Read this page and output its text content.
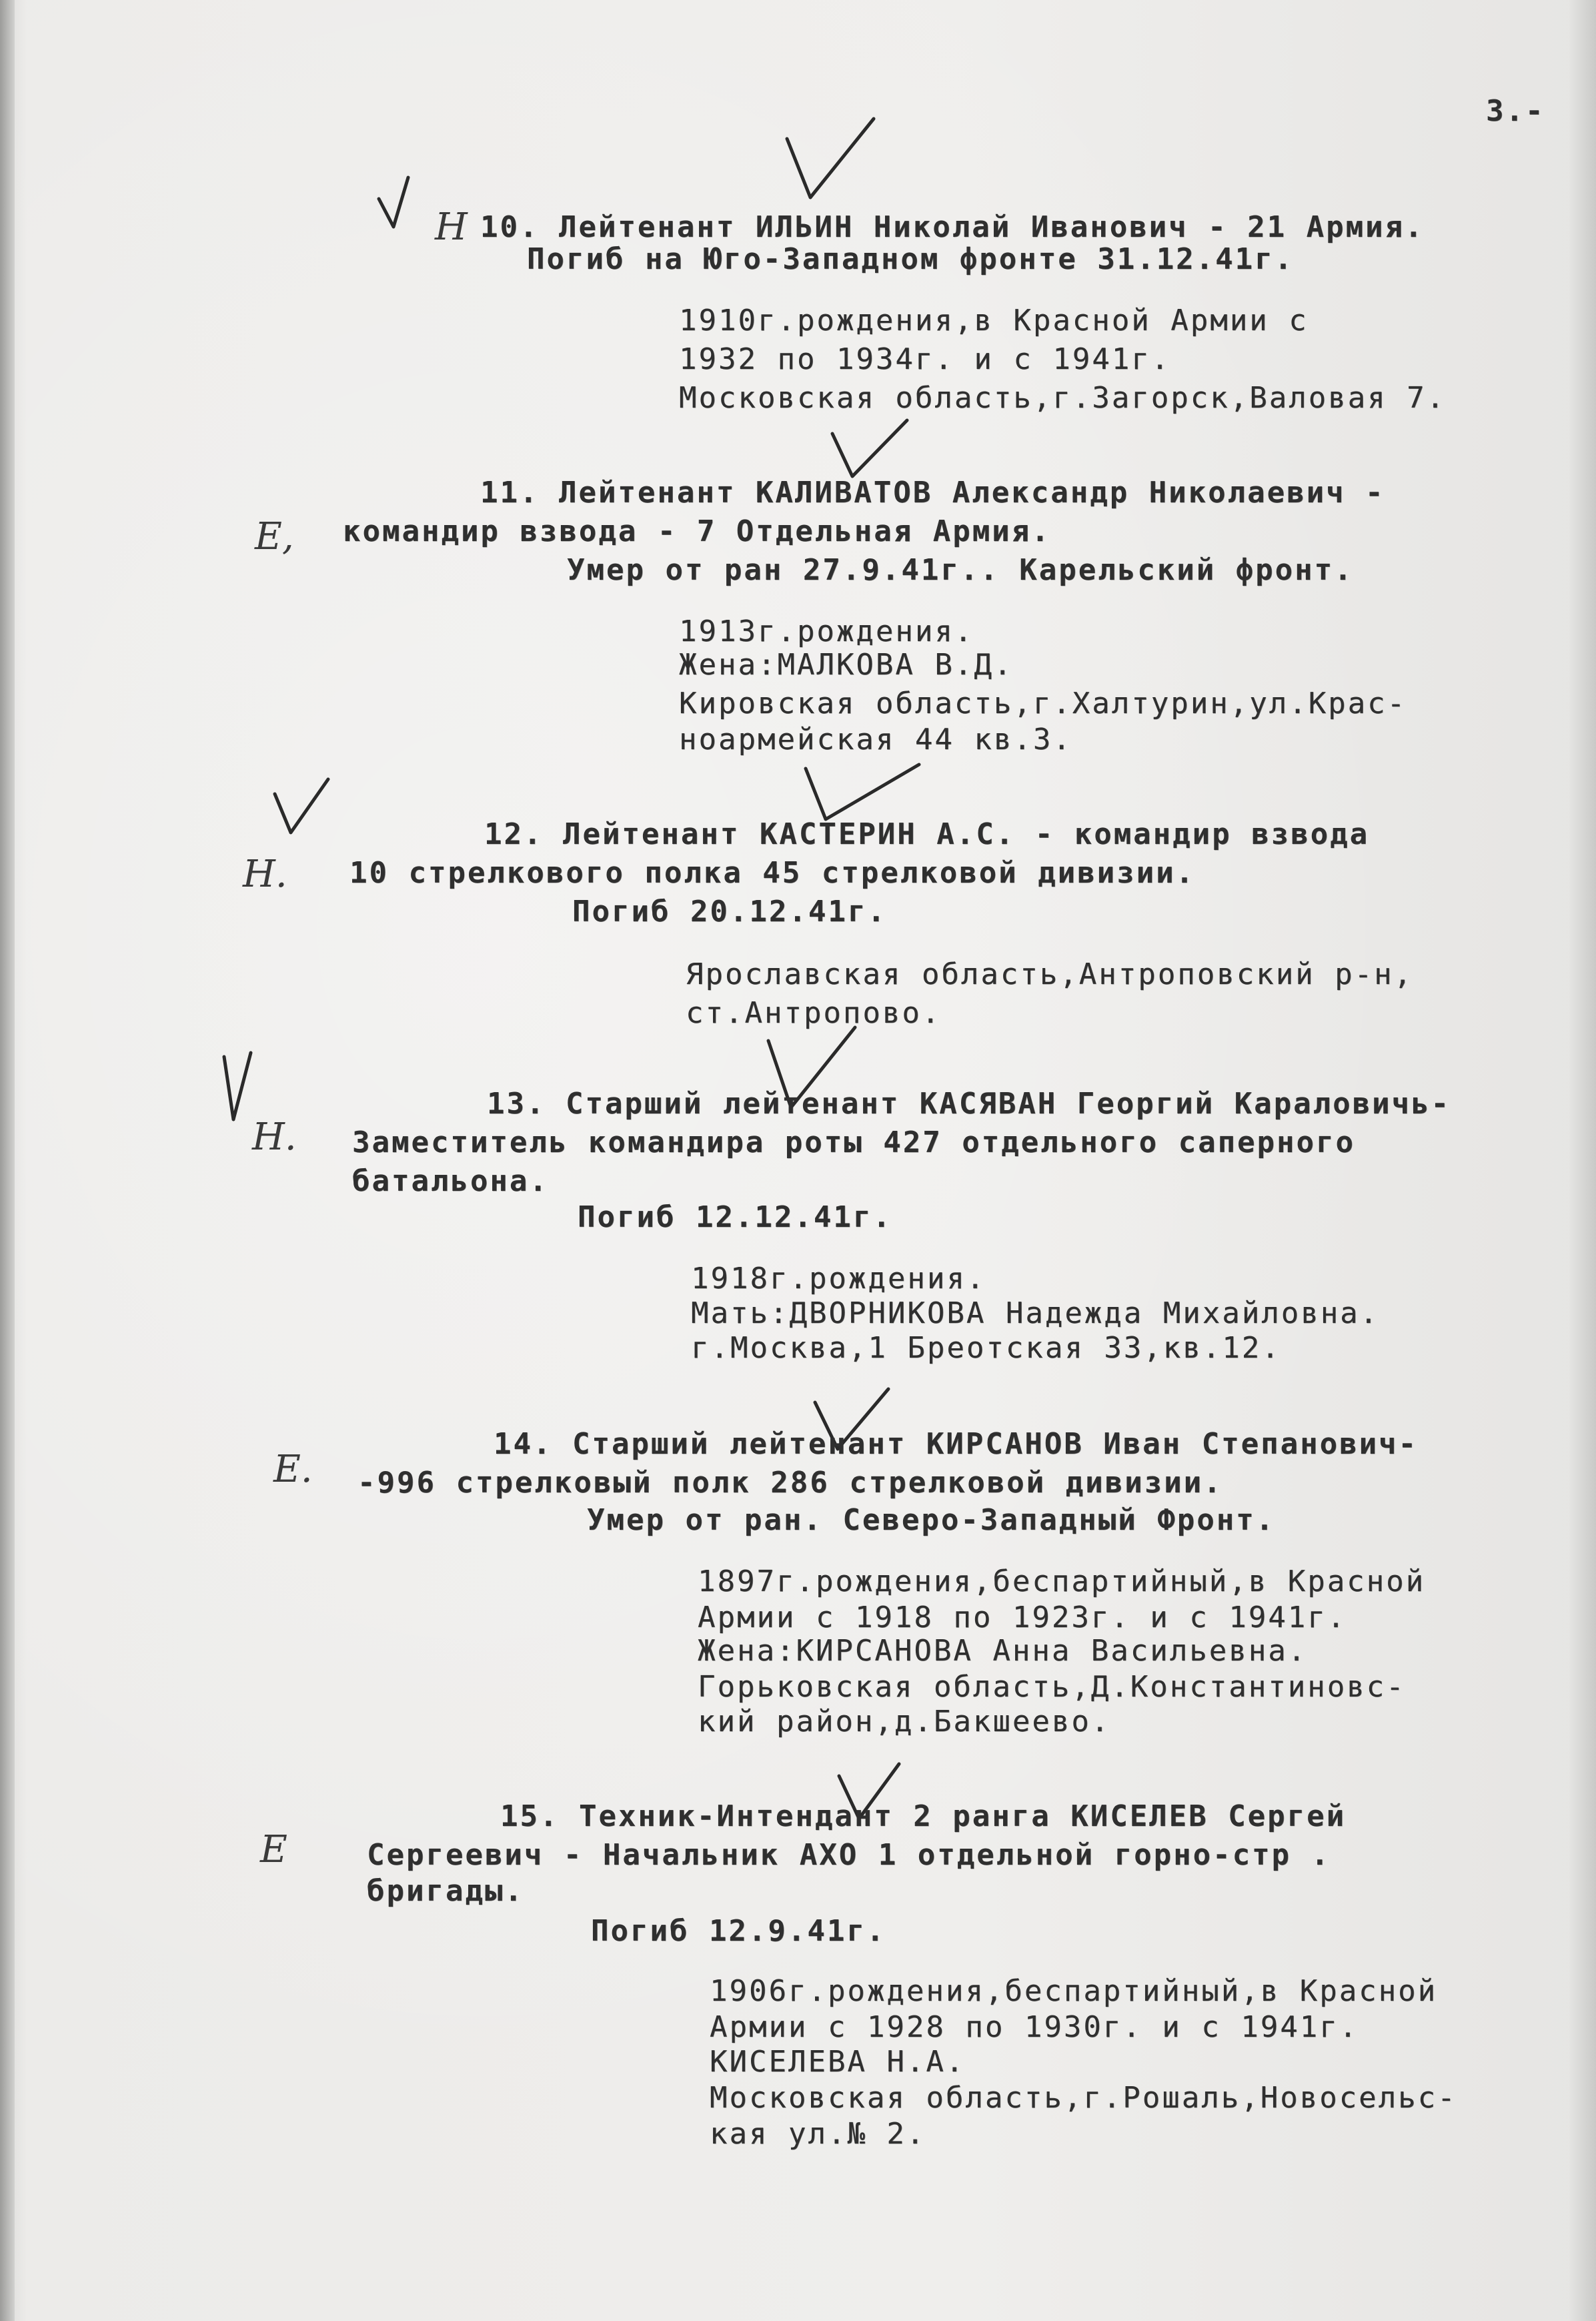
3.-

Н 10. Лейтенант ИЛЬИН Николай Иванович - 21 Армия.

Погиб на Юго-Западном фронте 31.12.41г.

1910г.рождения,в Красной Армии с

1932 по 1934г. и с 1941г.

Московская область,г.Загорск,Валовая 7.

Е,

11. Лейтенант КАЛИВАТОВ Александр Николаевич -

командир взвода - 7 Отдельная Армия.

Умер от ран 27.9.41г.. Карельский фронт.

1913г.рождения.

Жена:МАЛКОВА В.Д.

Кировская область,г.Халтурин,ул.Крас-

ноармейская 44 кв.3.

Н.

12. Лейтенант КАСТЕРИН А.С. - командир взвода

10 стрелкового полка 45 стрелковой дивизии.

Погиб 20.12.41г.

Ярославская область,Антроповский р-н,

ст.Антропово.

Н.

13. Старший лейтенант КАСЯВАН Георгий Караловичь-

Заместитель командира роты 427 отдельного саперного

батальона.

Погиб 12.12.41г.

1918г.рождения.

Мать:ДВОРНИКОВА Надежда Михайловна.

г.Москва,1 Бреотская 33,кв.12.

Е.

14. Старший лейтенант КИРСАНОВ Иван Степанович-

-996 стрелковый полк 286 стрелковой дивизии.

Умер от ран. Северо-Западный Фронт.

1897г.рождения,беспартийный,в Красной

Армии с 1918 по 1923г. и с 1941г.

Жена:КИРСАНОВА Анна Васильевна.

Горьковская область,Д.Константиновс-

кий район,д.Бакшеево.

Е

15. Техник-Интендант 2 ранга КИСЕЛЕВ Сергей

Сергеевич - Начальник АХО 1 отдельной горно-стр .

бригады.

Погиб 12.9.41г.

1906г.рождения,беспартийный,в Красной

Армии с 1928 по 1930г. и с 1941г.

КИСЕЛЕВА Н.А.

Московская область,г.Рошаль,Новосельс-

кая ул.№ 2.
